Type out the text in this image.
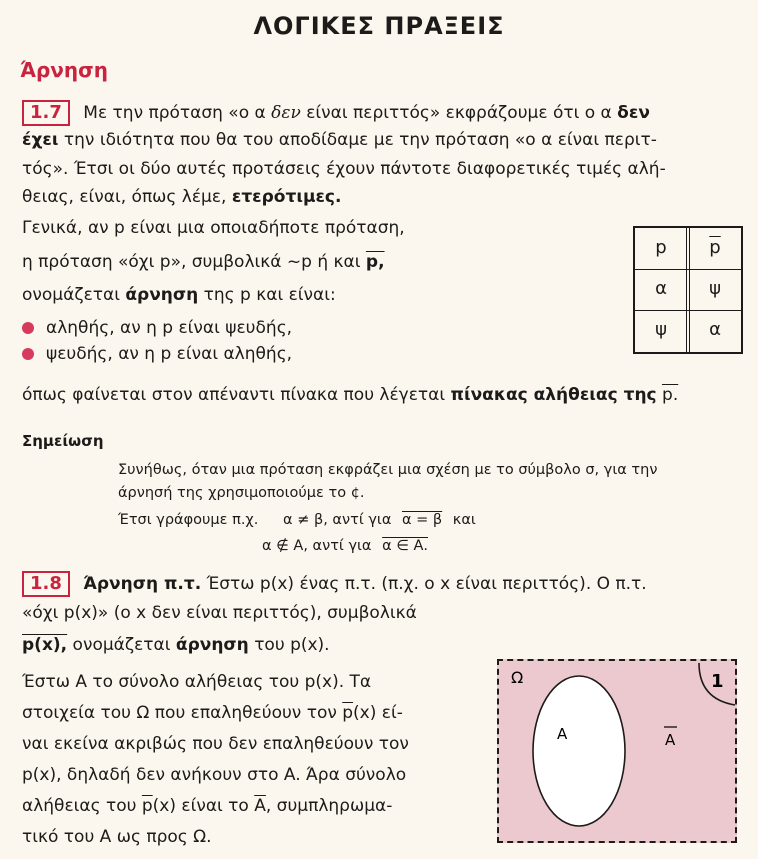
ΛΟΓΙΚΕΣ ΠΡΑΞΕΙΣ
Άρνηση
1.7 Με την πρόταση «ο α δεν είναι περιττός» εκφράζουμε ότι ο α δεν
έχει την ιδιότητα που θα του αποδίδαμε με την πρόταση «ο α είναι περιτ-
τός». Έτσι οι δύο αυτές προτάσεις έχουν πάντοτε διαφορετικές τιμές αλή-
θειας, είναι, όπως λέμε, ετερότιμες.
Γενικά, αν p είναι μια οποιαδήποτε πρόταση,
η πρόταση «όχι p», συμβολικά ~p ή και p,
ονομάζεται άρνηση της p και είναι:
αληθής, αν η p είναι ψευδής,
ψευδής, αν η p είναι αληθής,
όπως φαίνεται στον απέναντι πίνακα που λέγεται πίνακας αλήθειας της p.
p	$\overline{p}$
α	ψ
ψ	α
Σημείωση
Συνήθως, όταν μια πρόταση εκφράζει μια σχέση με το σύμβολο σ, για την
άρνησή της χρησιμοποιούμε το ¢.
Έτσι γράφουμε π.χ. α ≠ β, αντί για α = β και
α ∉ Α, αντί για α ∈ Α.
1.8 Άρνηση π.τ. Έστω p(x) ένας π.τ. (π.χ. ο x είναι περιττός). Ο π.τ.
«όχι p(x)» (ο x δεν είναι περιττός), συμβολικά
p(x), ονομάζεται άρνηση του p(x).
Έστω A το σύνολο αλήθειας του p(x). Τα
στοιχεία του Ω που επαληθεύουν τον $\overline{p}(x)$ εί-
ναι εκείνα ακριβώς που δεν επαληθεύουν τον
p(x), δηλαδή δεν ανήκουν στο A. Άρα σύνολο
αλήθειας του $\overline{p}(x)$ είναι το $\overline{A}$, συμπληρωμα-
τικό του A ως προς Ω.
Ω
A	A
1
